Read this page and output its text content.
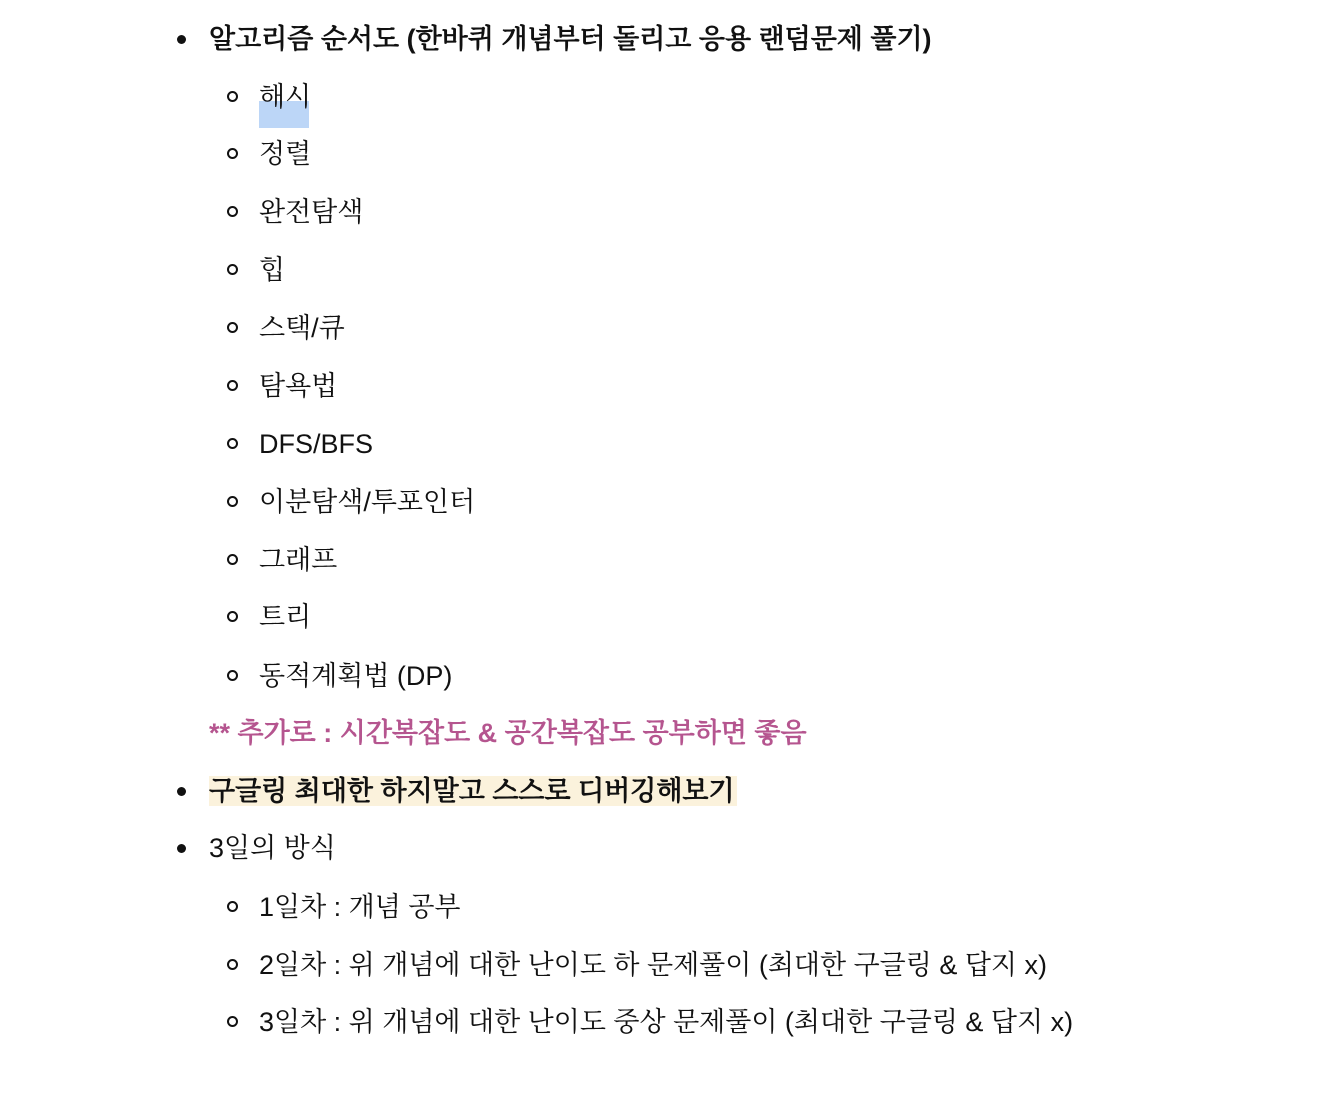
알고리즘 순서도 (한바퀴 개념부터 돌리고 응용 랜덤문제 풀기)
해시
정렬
완전탐색
힙
스택/큐
탐욕법
DFS/BFS
이분탐색/투포인터
그래프
트리
동적계획법 (DP)
** 추가로 : 시간복잡도 & 공간복잡도 공부하면 좋음
구글링 최대한 하지말고 스스로 디버깅해보기
3일의 방식
1일차 : 개념 공부
2일차 : 위 개념에 대한 난이도 하 문제풀이 (최대한 구글링 & 답지 x)
3일차 : 위 개념에 대한 난이도 중상 문제풀이 (최대한 구글링 & 답지 x)
